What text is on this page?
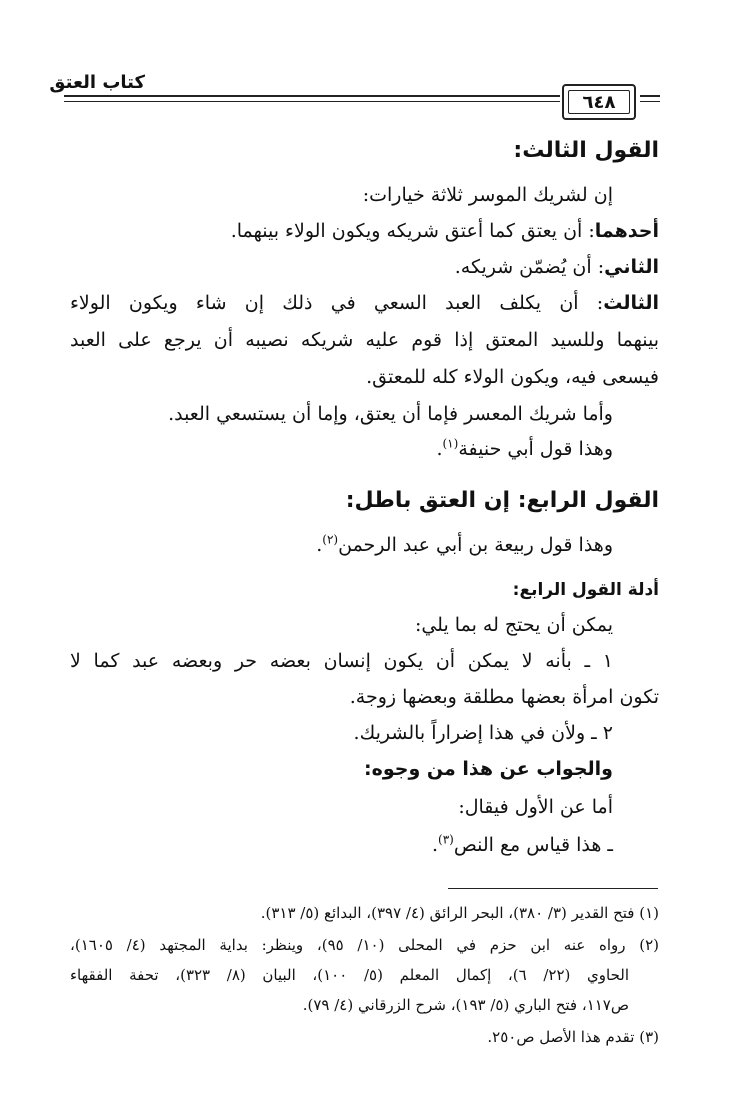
كتاب العتق
٦٤٨
القول الثالث:
إن لشريك الموسر ثلاثة خيارات:
أحدهما: أن يعتق كما أعتق شريكه ويكون الولاء بينهما.
الثاني: أن يُضمّن شريكه.
الثالث: أن يكلف العبد السعي في ذلك إن شاء ويكون الولاء
بينهما وللسيد المعتق إذا قوم عليه شريكه نصيبه أن يرجع على العبد
فيسعى فيه، ويكون الولاء كله للمعتق.
وأما شريك المعسر فإما أن يعتق، وإما أن يستسعي العبد.
وهذا قول أبي حنيفة$^{(١)}$.
القول الرابع: إن العتق باطل:
وهذا قول ربيعة بن أبي عبد الرحمن$^{(٢)}$.
أدلة القول الرابع:
يمكن أن يحتج له بما يلي:
١ ـ بأنه لا يمكن أن يكون إنسان بعضه حر وبعضه عبد كما لا
تكون امرأة بعضها مطلقة وبعضها زوجة.
٢ ـ ولأن في هذا إضراراً بالشريك.
والجواب عن هذا من وجوه:
أما عن الأول فيقال:
ـ هذا قياس مع النص$^{(٣)}$.
(١) فتح القدير (٣/ ٣٨٠)، البحر الرائق (٤/ ٣٩٧)، البدائع (٥/ ٣١٣).
(٢) رواه عنه ابن حزم في المحلى (١٠/ ٩٥)، وينظر: بداية المجتهد (٤/ ١٦٠٥)،
الحاوي (٢٢/ ٦)، إكمال المعلم (٥/ ١٠٠)، البيان (٨/ ٣٢٣)، تحفة الفقهاء
ص١١٧، فتح الباري (٥/ ١٩٣)، شرح الزرقاني (٤/ ٧٩).
(٣) تقدم هذا الأصل ص٢٥٠.
